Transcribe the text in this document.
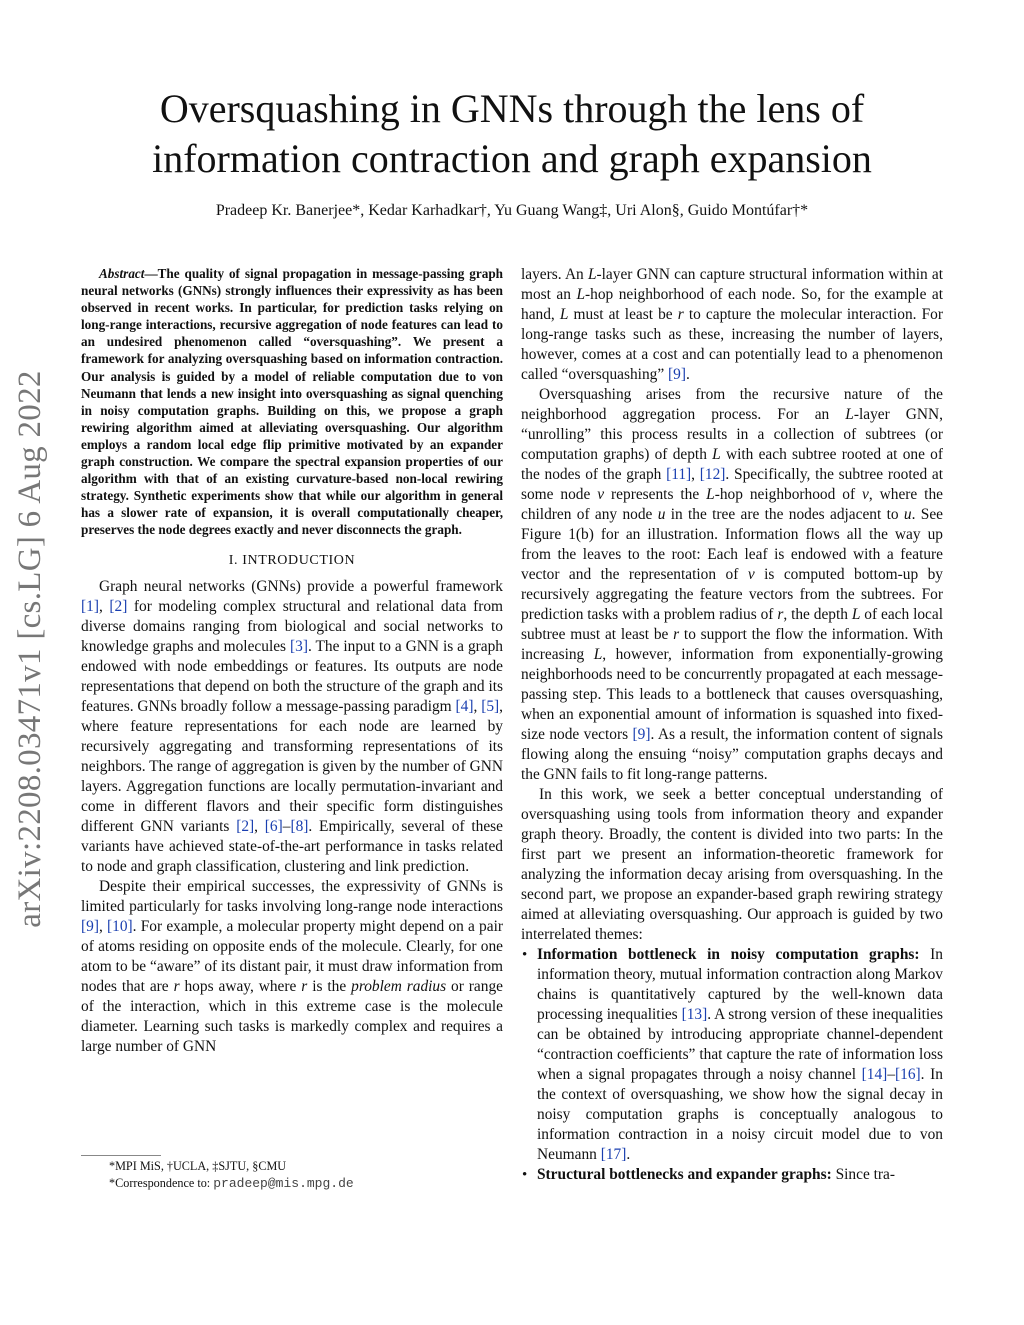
arXiv:2208.03471v1 [cs.LG] 6 Aug 2022
Oversquashing in GNNs through the lens of
information contraction and graph expansion
Pradeep Kr. Banerjee*, Kedar Karhadkar†, Yu Guang Wang‡, Uri Alon§, Guido Montúfar†*
Abstract—The quality of signal propagation in message-passing graph neural networks (GNNs) strongly influences their expressivity as has been observed in recent works. In particular, for prediction tasks relying on long-range interactions, recursive aggregation of node features can lead to an undesired phenomenon called “oversquashing”. We present a framework for analyzing oversquashing based on information contraction. Our analysis is guided by a model of reliable computation due to von Neumann that lends a new insight into oversquashing as signal quenching in noisy computation graphs. Building on this, we propose a graph rewiring algorithm aimed at alleviating oversquashing. Our algorithm employs a random local edge flip primitive motivated by an expander graph construction. We compare the spectral expansion properties of our algorithm with that of an existing curvature-based non-local rewiring strategy. Synthetic experiments show that while our algorithm in general has a slower rate of expansion, it is overall computationally cheaper, preserves the node degrees exactly and never disconnects the graph.
I. INTRODUCTION

Graph neural networks (GNNs) provide a powerful framework [1], [2] for modeling complex structural and relational data from diverse domains ranging from biological and social networks to knowledge graphs and molecules [3]. The input to a GNN is a graph endowed with node embeddings or features. Its outputs are node representations that depend on both the structure of the graph and its features. GNNs broadly follow a message-passing paradigm [4], [5], where feature representations for each node are learned by recursively aggregating and transforming representations of its neighbors. The range of aggregation is given by the number of GNN layers. Aggregation functions are locally permutation-invariant and come in different flavors and their specific form distinguishes different GNN variants [2], [6]–[8]. Empirically, several of these variants have achieved state-of-the-art performance in tasks related to node and graph classification, clustering and link prediction.

Despite their empirical successes, the expressivity of GNNs is limited particularly for tasks involving long-range node interactions [9], [10]. For example, a molecular property might depend on a pair of atoms residing on opposite ends of the molecule. Clearly, for one atom to be “aware” of its distant pair, it must draw information from nodes that are r hops away, where r is the problem radius or range of the interaction, which in this extreme case is the molecule diameter. Learning such tasks is markedly complex and requires a large number of GNN

*MPI MiS, †UCLA, ‡SJTU, §CMU
*Correspondence to: pradeep@mis.mpg.de

layers. An L-layer GNN can capture structural information within at most an L-hop neighborhood of each node. So, for the example at hand, L must at least be r to capture the molecular interaction. For long-range tasks such as these, increasing the number of layers, however, comes at a cost and can potentially lead to a phenomenon called “oversquashing” [9].

Oversquashing arises from the recursive nature of the neighborhood aggregation process. For an L-layer GNN, “unrolling” this process results in a collection of subtrees (or computation graphs) of depth L with each subtree rooted at one of the nodes of the graph [11], [12]. Specifically, the subtree rooted at some node v represents the L-hop neighborhood of v, where the children of any node u in the tree are the nodes adjacent to u. See Figure 1(b) for an illustration. Information flows all the way up from the leaves to the root: Each leaf is endowed with a feature vector and the representation of v is computed bottom-up by recursively aggregating the feature vectors from the subtrees. For prediction tasks with a problem radius of r, the depth L of each local subtree must at least be r to support the flow the information. With increasing L, however, information from exponentially-growing neighborhoods need to be concurrently propagated at each message-passing step. This leads to a bottleneck that causes oversquashing, when an exponential amount of information is squashed into fixed-size node vectors [9]. As a result, the information content of signals flowing along the ensuing “noisy” computation graphs decays and the GNN fails to fit long-range patterns.

In this work, we seek a better conceptual understanding of oversquashing using tools from information theory and expander graph theory. Broadly, the content is divided into two parts: In the first part we present an information-theoretic framework for analyzing the information decay arising from oversquashing. In the second part, we propose an expander-based graph rewiring strategy aimed at alleviating oversquashing. Our approach is guided by two interrelated themes:

• Information bottleneck in noisy computation graphs: In information theory, mutual information contraction along Markov chains is quantitatively captured by the well-known data processing inequalities [13]. A strong version of these inequalities can be obtained by introducing appropriate channel-dependent “contraction coefficients” that capture the rate of information loss when a signal propagates through a noisy channel [14]–[16]. In the context of oversquashing, we show how the signal decay in noisy computation graphs is conceptually analogous to information contraction in a noisy circuit model due to von Neumann [17].
• Structural bottlenecks and expander graphs: Since tra-
